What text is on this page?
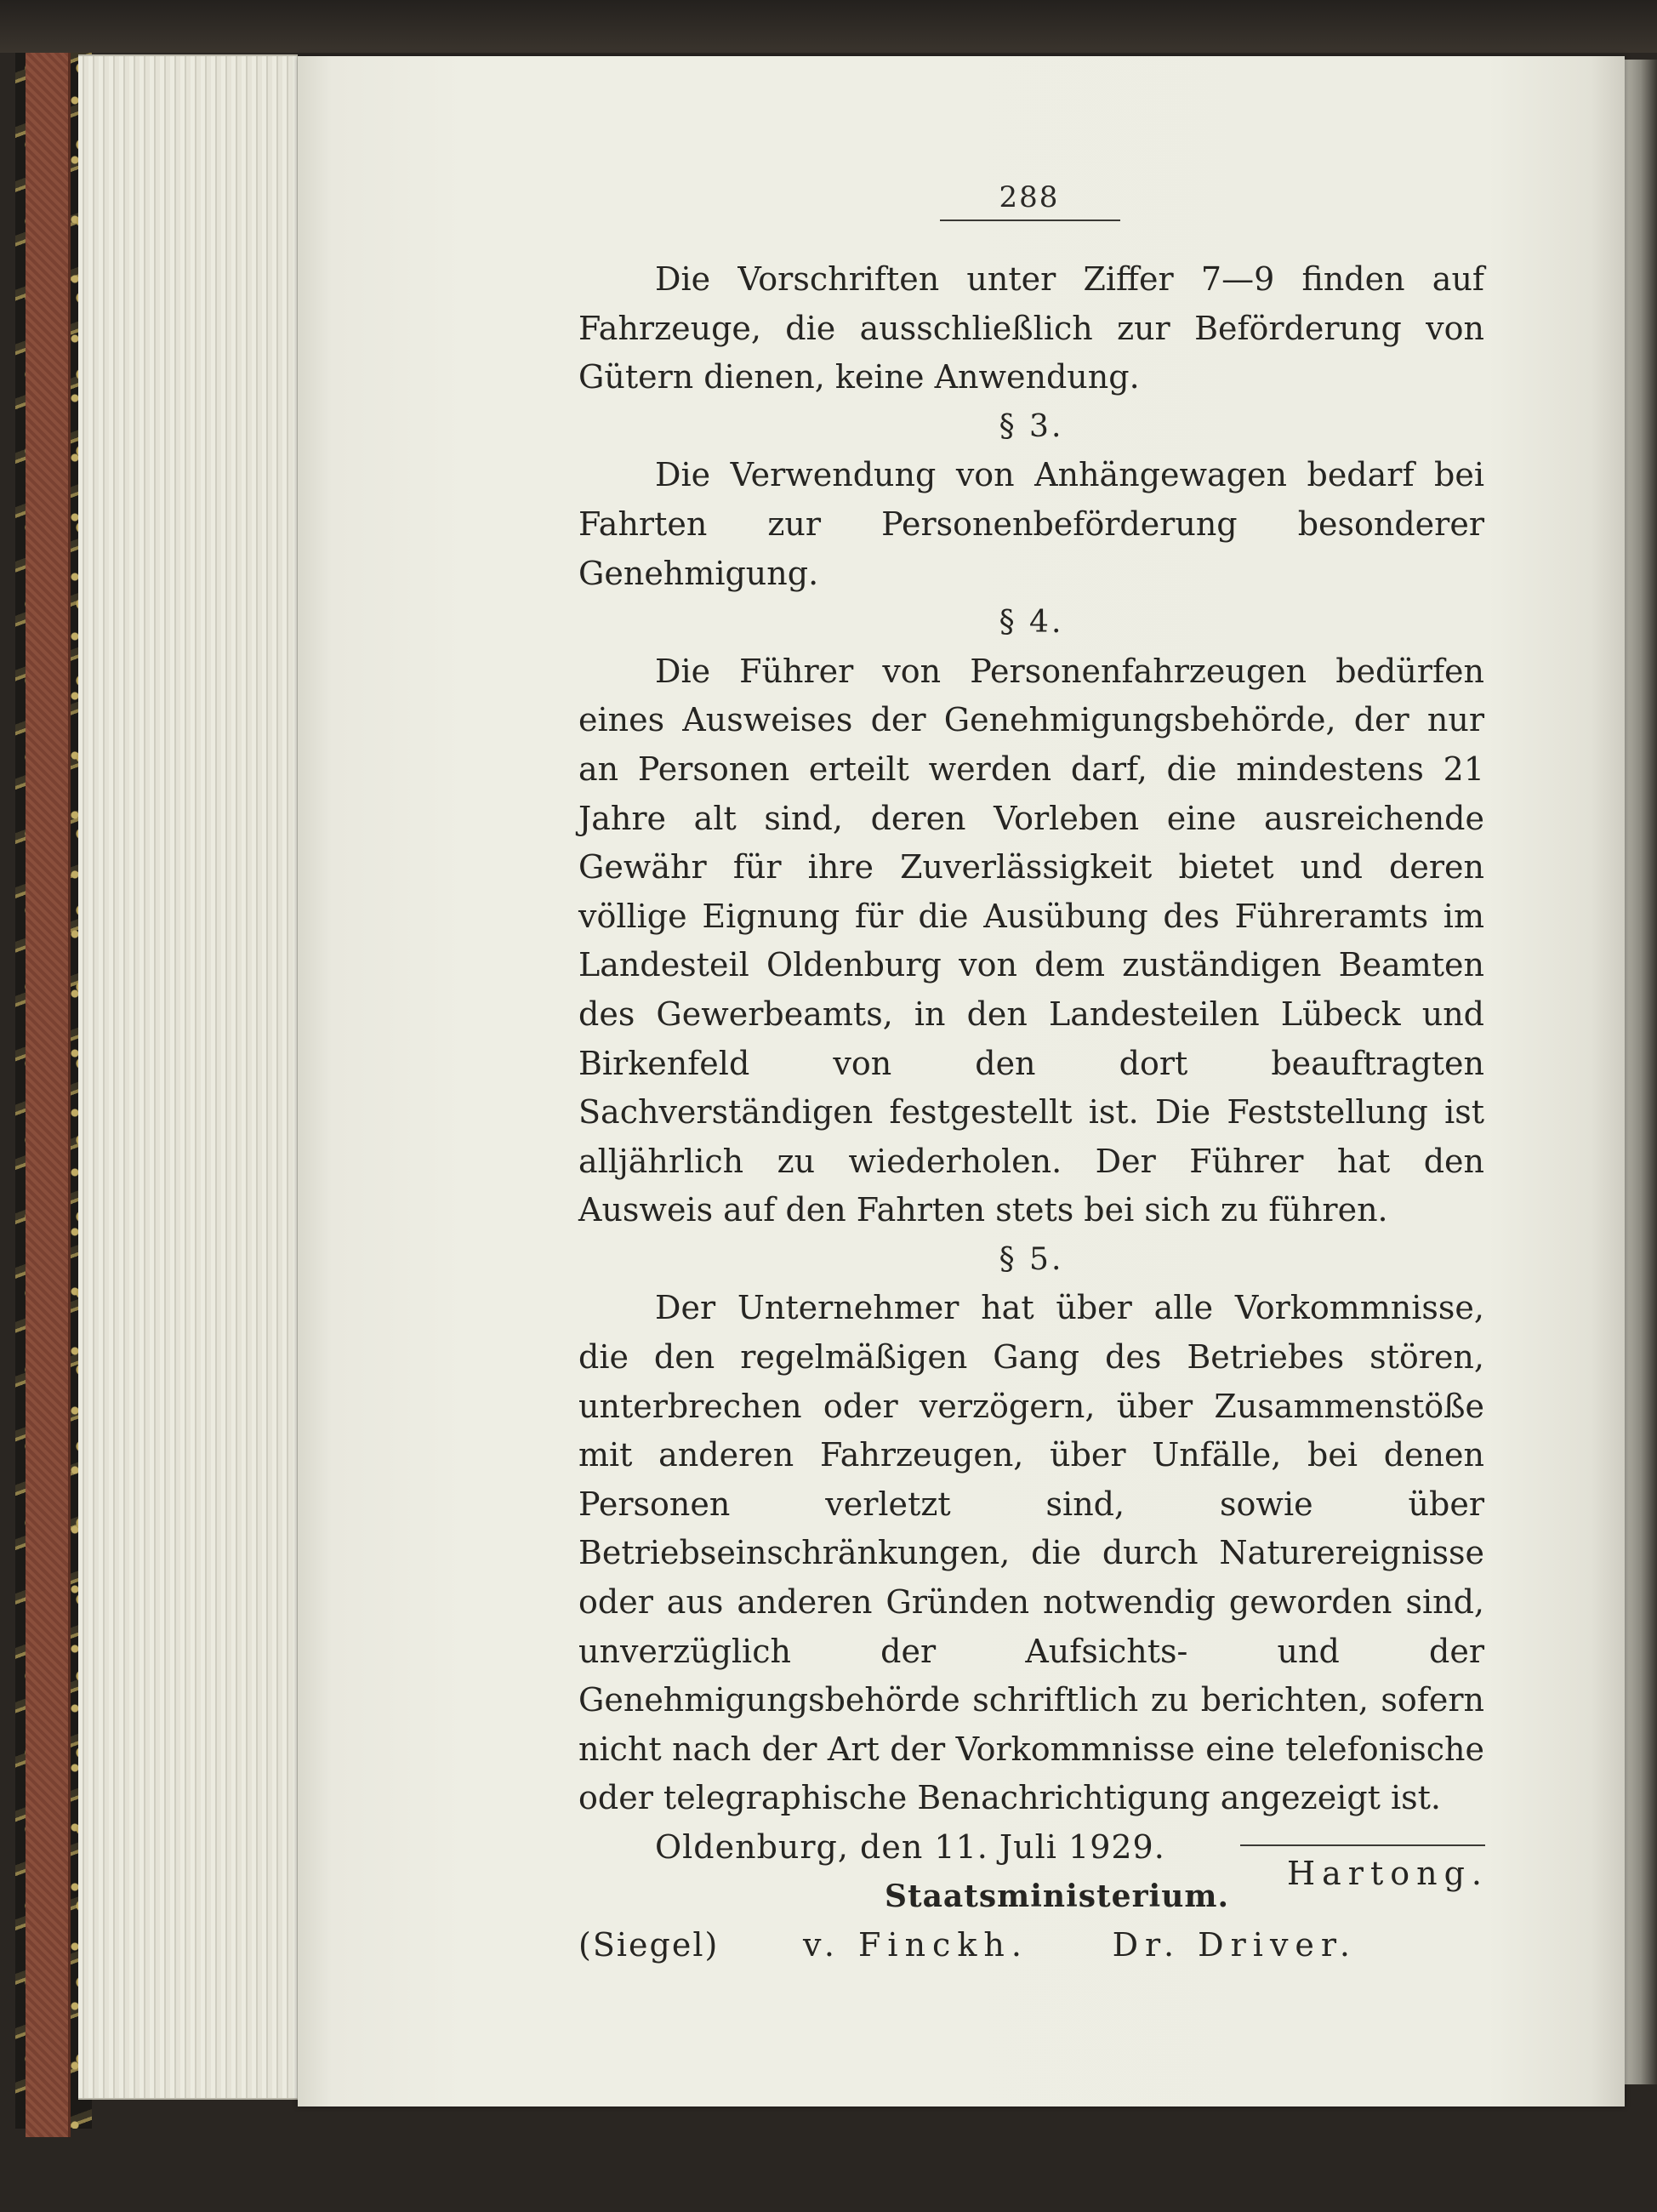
288

Die Vorschriften unter Ziffer 7—9 finden auf Fahrzeuge, die ausschließlich zur Beförderung von Gütern dienen, keine Anwendung.

§ 3.

Die Verwendung von Anhängewagen bedarf bei Fahrten zur Personenbeförderung besonderer Genehmigung.

§ 4.

Die Führer von Personenfahrzeugen bedürfen eines Ausweises der Genehmigungsbehörde, der nur an Personen erteilt werden darf, die mindestens 21 Jahre alt sind, deren Vorleben eine ausreichende Gewähr für ihre Zuverlässigkeit bietet und deren völlige Eignung für die Ausübung des Führeramts im Landesteil Oldenburg von dem zuständigen Beamten des Gewerbeamts, in den Landesteilen Lübeck und Birkenfeld von den dort beauftragten Sachverständigen festgestellt ist. Die Feststellung ist alljährlich zu wiederholen. Der Führer hat den Ausweis auf den Fahrten stets bei sich zu führen.

§ 5.

Der Unternehmer hat über alle Vorkommnisse, die den regelmäßigen Gang des Betriebes stören, unterbrechen oder verzögern, über Zusammenstöße mit anderen Fahrzeugen, über Unfälle, bei denen Personen verletzt sind, sowie über Betriebseinschränkungen, die durch Naturereignisse oder aus anderen Gründen notwendig geworden sind, unverzüglich der Aufsichts- und der Genehmigungsbehörde schriftlich zu berichten, sofern nicht nach der Art der Vorkommnisse eine telefonische oder telegraphische Benachrichtigung angezeigt ist.

Oldenburg, den 11. Juli 1929.

Staatsministerium.

(Siegel)	v. Finckh.	Dr. Driver.
Hartong.
